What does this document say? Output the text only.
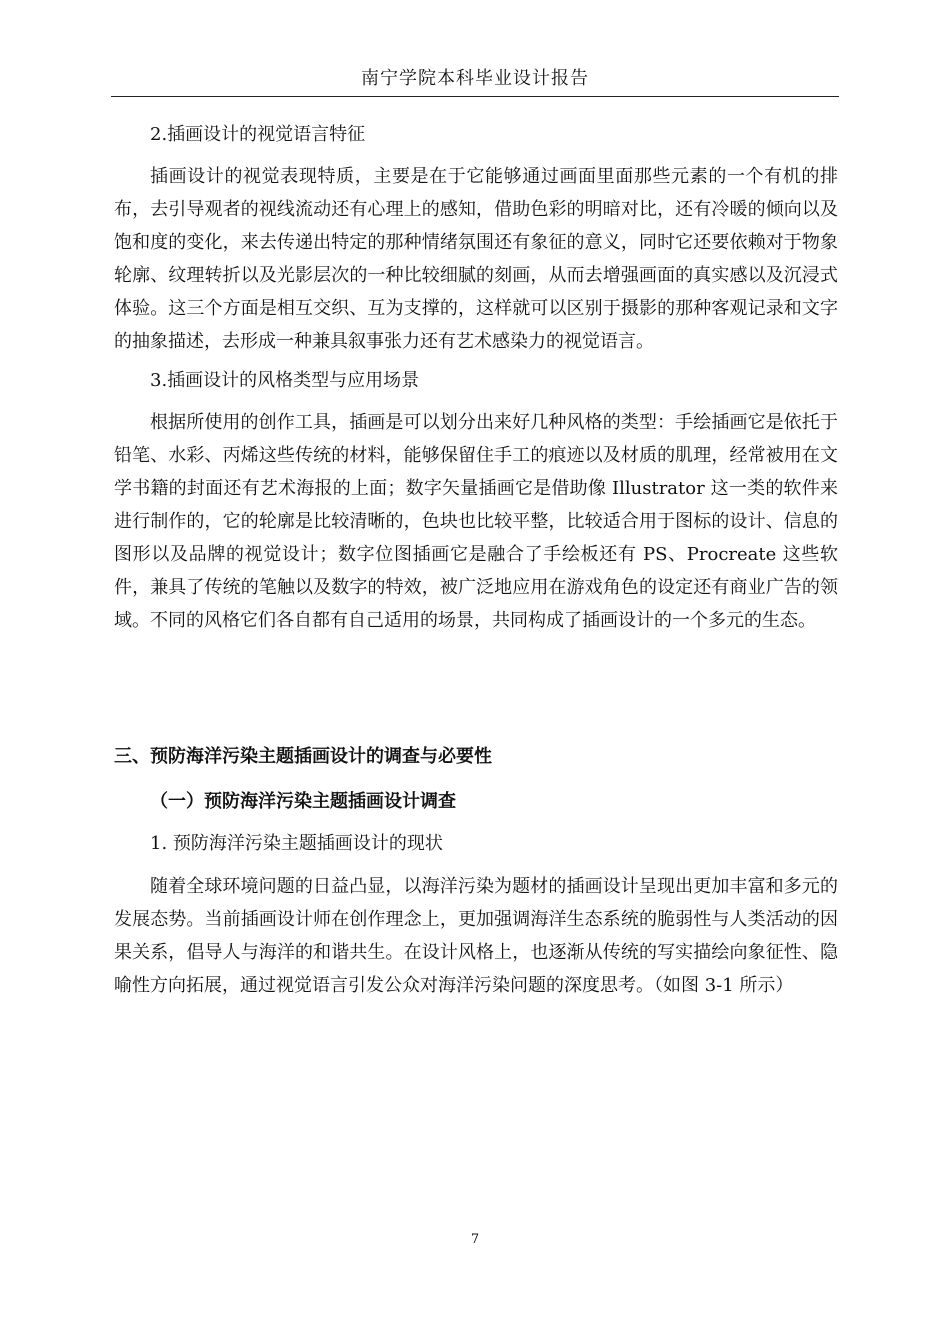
南宁学院本科毕业设计报告

2.插画设计的视觉语言特征

插画设计的视觉表现特质，主要是在于它能够通过画面里面那些元素的一个有机的排布，去引导观者的视线流动还有心理上的感知，借助色彩的明暗对比，还有冷暖的倾向以及饱和度的变化，来去传递出特定的那种情绪氛围还有象征的意义，同时它还要依赖对于物象轮廓、纹理转折以及光影层次的一种比较细腻的刻画，从而去增强画面的真实感以及沉浸式体验。这三个方面是相互交织、互为支撑的，这样就可以区别于摄影的那种客观记录和文字的抽象描述，去形成一种兼具叙事张力还有艺术感染力的视觉语言。

3.插画设计的风格类型与应用场景

根据所使用的创作工具，插画是可以划分出来好几种风格的类型：手绘插画它是依托于铅笔、水彩、丙烯这些传统的材料，能够保留住手工的痕迹以及材质的肌理，经常被用在文学书籍的封面还有艺术海报的上面；数字矢量插画它是借助像 Illustrator 这一类的软件来进行制作的，它的轮廓是比较清晰的，色块也比较平整，比较适合用于图标的设计、信息的图形以及品牌的视觉设计；数字位图插画它是融合了手绘板还有 PS、Procreate 这些软件，兼具了传统的笔触以及数字的特效，被广泛地应用在游戏角色的设定还有商业广告的领域。不同的风格它们各自都有自己适用的场景，共同构成了插画设计的一个多元的生态。

三、预防海洋污染主题插画设计的调查与必要性

（一）预防海洋污染主题插画设计调查

1. 预防海洋污染主题插画设计的现状

随着全球环境问题的日益凸显，以海洋污染为题材的插画设计呈现出更加丰富和多元的发展态势。当前插画设计师在创作理念上，更加强调海洋生态系统的脆弱性与人类活动的因果关系，倡导人与海洋的和谐共生。在设计风格上，也逐渐从传统的写实描绘向象征性、隐喻性方向拓展，通过视觉语言引发公众对海洋污染问题的深度思考。（如图 3-1 所示）

7
